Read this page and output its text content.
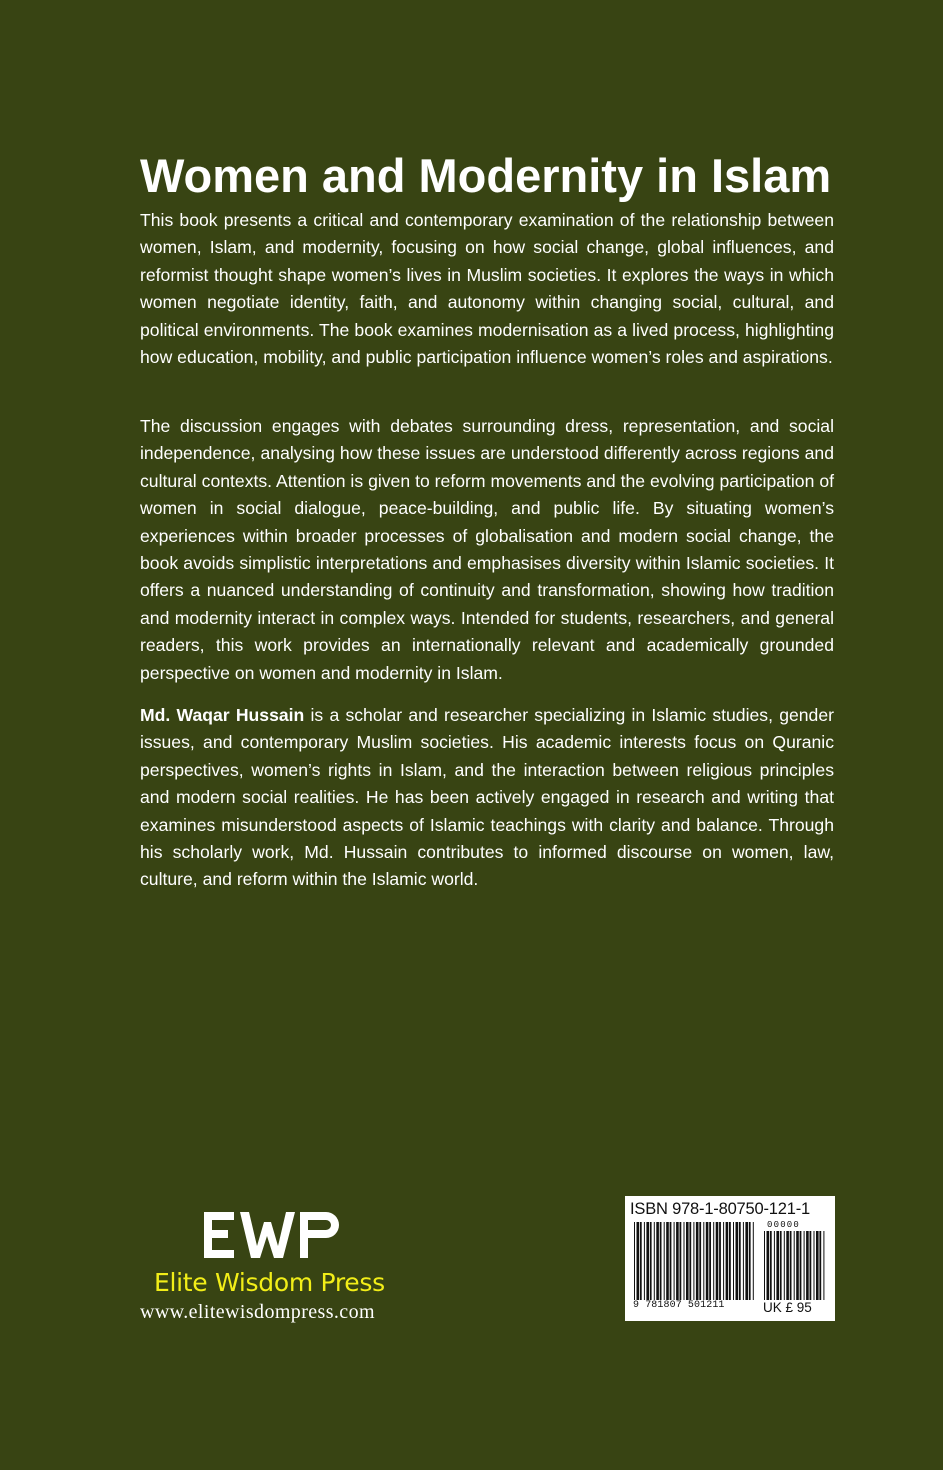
Women and Modernity in Islam

This book presents a critical and contemporary examination of the relationship between women, Islam, and modernity, focusing on how social change, global influences, and reformist thought shape women’s lives in Muslim societies. It explores the ways in which women negotiate identity, faith, and autonomy within changing social, cultural, and political environments. The book examines modernisation as a lived process, highlighting how education, mobility, and public participation influence women’s roles and aspirations.

The discussion engages with debates surrounding dress, representation, and social independence, analysing how these issues are understood differently across regions and cultural contexts. Attention is given to reform movements and the evolving participation of women in social dialogue, peace-building, and public life. By situating women’s experiences within broader processes of globalisation and modern social change, the book avoids simplistic interpretations and emphasises diversity within Islamic societies. It offers a nuanced understanding of continuity and transformation, showing how tradition and modernity interact in complex ways. Intended for students, researchers, and general readers, this work provides an internationally relevant and academically grounded perspective on women and modernity in Islam.

Md. Waqar Hussain is a scholar and researcher specializing in Islamic studies, gender issues, and contemporary Muslim societies. His academic interests focus on Quranic perspectives, women’s rights in Islam, and the interaction between religious principles and modern social realities. He has been actively engaged in research and writing that examines misunderstood aspects of Islamic teachings with clarity and balance. Through his scholarly work, Md. Hussain contributes to informed discourse on women, law, culture, and reform within the Islamic world.

Elite Wisdom Press
www.elitewisdompress.com
ISBN 978-1-80750-121-1
00000
9 781807 501211	UK £ 95
